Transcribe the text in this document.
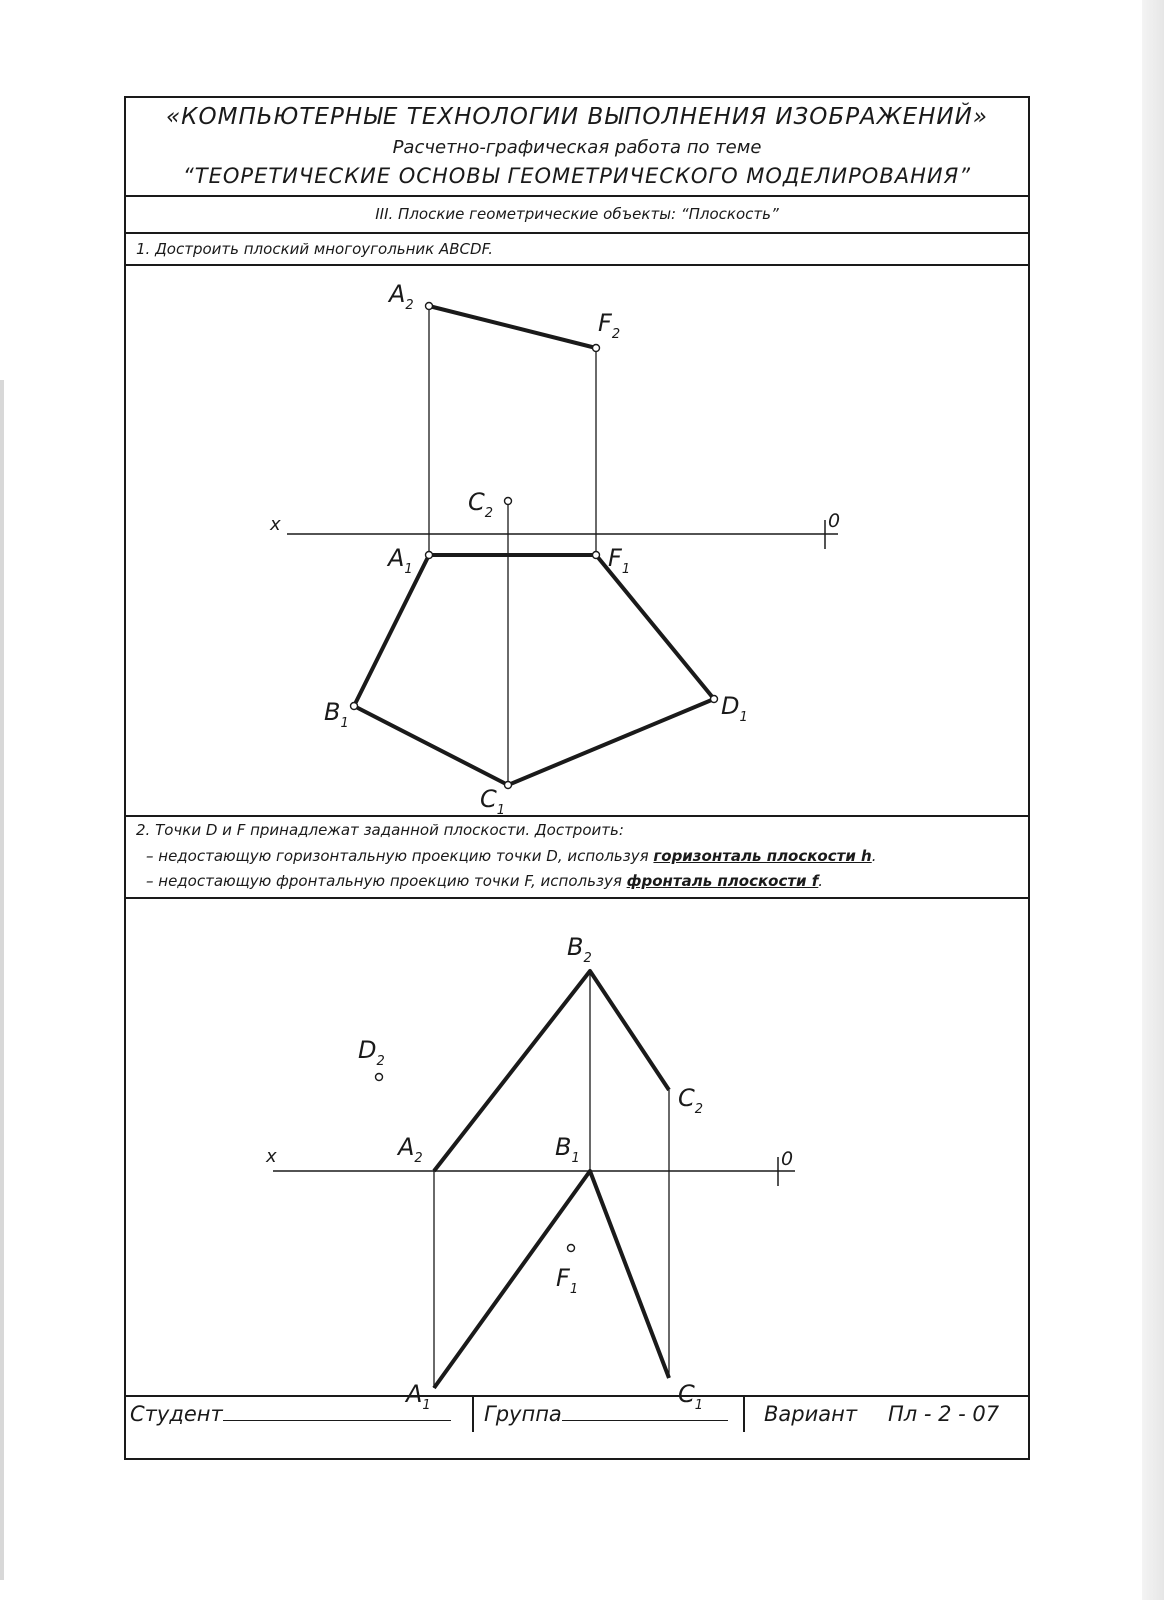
«КОМПЬЮТЕРНЫЕ ТЕХНОЛОГИИ ВЫПОЛНЕНИЯ ИЗОБРАЖЕНИЙ»
Расчетно-графическая работа по теме
“ТЕОРЕТИЧЕСКИЕ ОСНОВЫ ГЕОМЕТРИЧЕСКОГО МОДЕЛИРОВАНИЯ”
III. Плоские геометрические объекты: “Плоскость”
1. Достроить плоский многоугольник ABCDF.
2. Точки D и F принадлежат заданной плоскости. Достроить:
– недостающую горизонтальную проекцию точки D, используя горизонталь плоскости h.
– недостающую фронтальную проекцию точки F, используя фронталь плоскости f.
Студент	Группа	Вариант Пл - 2 - 07
x	0
$A_2$
$F_2$
$C_2$
$A_1$	$F_1$
$B_1$
$D_1$
$C_1$
x	0
$B_2$
$D_2$
$C_2$
$A_2$	$B_1$
$F_1$
$A_1$	$C_1$
